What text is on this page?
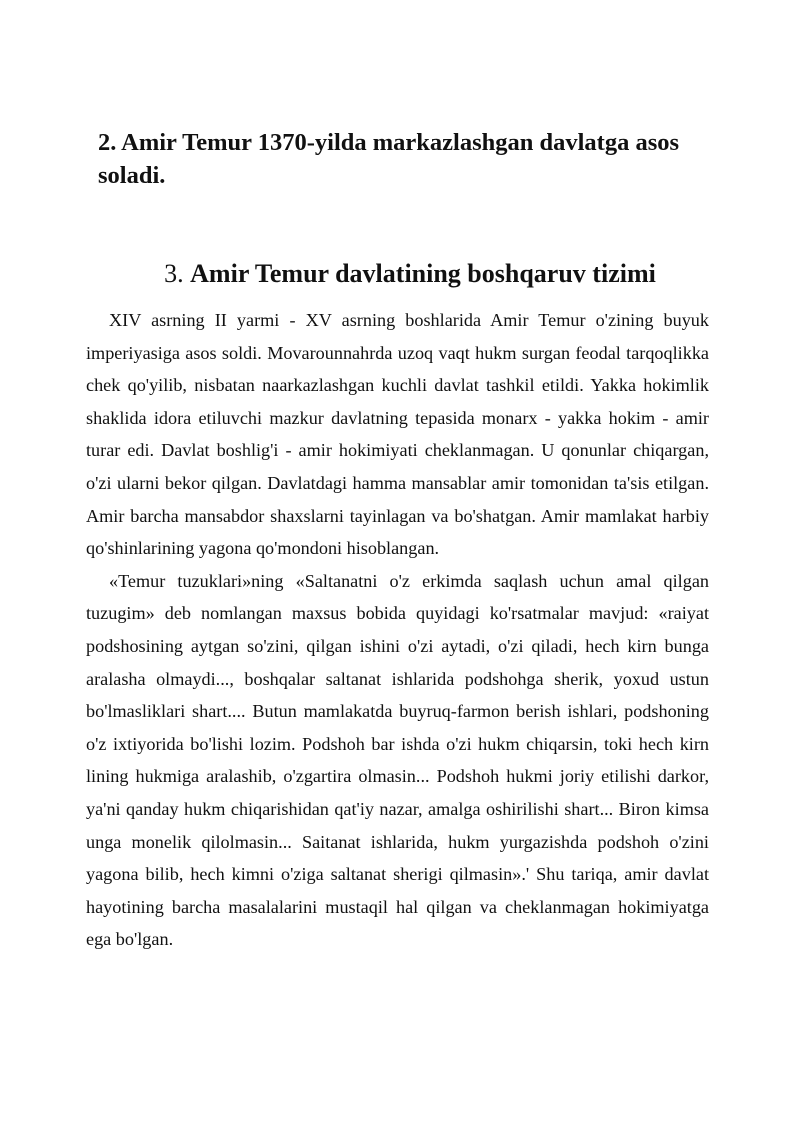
2. Amir Temur 1370-yilda markazlashgan davlatga asos soladi.
3. Amir Temur davlatining boshqaruv tizimi

XIV asrning II yarmi - XV asrning boshlarida Amir Temur o'zining buyuk imperiyasiga asos soldi. Movarounnahrda uzoq vaqt hukm surgan feodal tarqoqlikka chek qo'yilib, nisbatan naarkazlashgan kuchli davlat tashkil etildi. Yakka hokimlik shaklida idora etiluvchi mazkur davlatning tepasida monarx - yakka hokim - amir turar edi. Davlat boshlig'i - amir hokimiyati cheklanmagan. U qonunlar chiqargan, o'zi ularni bekor qilgan. Davlatdagi hamma mansablar amir tomonidan ta'sis etilgan. Amir barcha mansabdor shaxslarni tayinlagan va bo'shatgan. Amir mamlakat harbiy qo'shinlarining yagona qo'mondoni hisoblangan.

«Temur tuzuklari»ning «Saltanatni o'z erkimda saqlash uchun amal qilgan tuzugim» deb nomlangan maxsus bobida quyidagi ko'rsatmalar mavjud: «raiyat podshosining aytgan so'zini, qilgan ishini o'zi aytadi, o'zi qiladi, hech kirn bunga aralasha olmaydi..., boshqalar saltanat ishlarida podshohga sherik, yoxud ustun bo'lmasliklari shart.... Butun mamlakatda buyruq-farmon berish ishlari, podshoning o'z ixtiyorida bo'lishi lozim. Podshoh bar ishda o'zi hukm chiqarsin, toki hech kirn lining hukmiga aralashib, o'zgartira olmasin... Podshoh hukmi joriy etilishi darkor, ya'ni qanday hukm chiqarishidan qat'iy nazar, amalga oshirilishi shart... Biron kimsa unga monelik qilolmasin... Saitanat ishlarida, hukm yurgazishda podshoh o'zini yagona bilib, hech kimni o'ziga saltanat sherigi qilmasin».' Shu tariqa, amir davlat hayotining barcha masalalarini mustaqil hal qilgan va cheklanmagan hokimiyatga ega bo'lgan.
